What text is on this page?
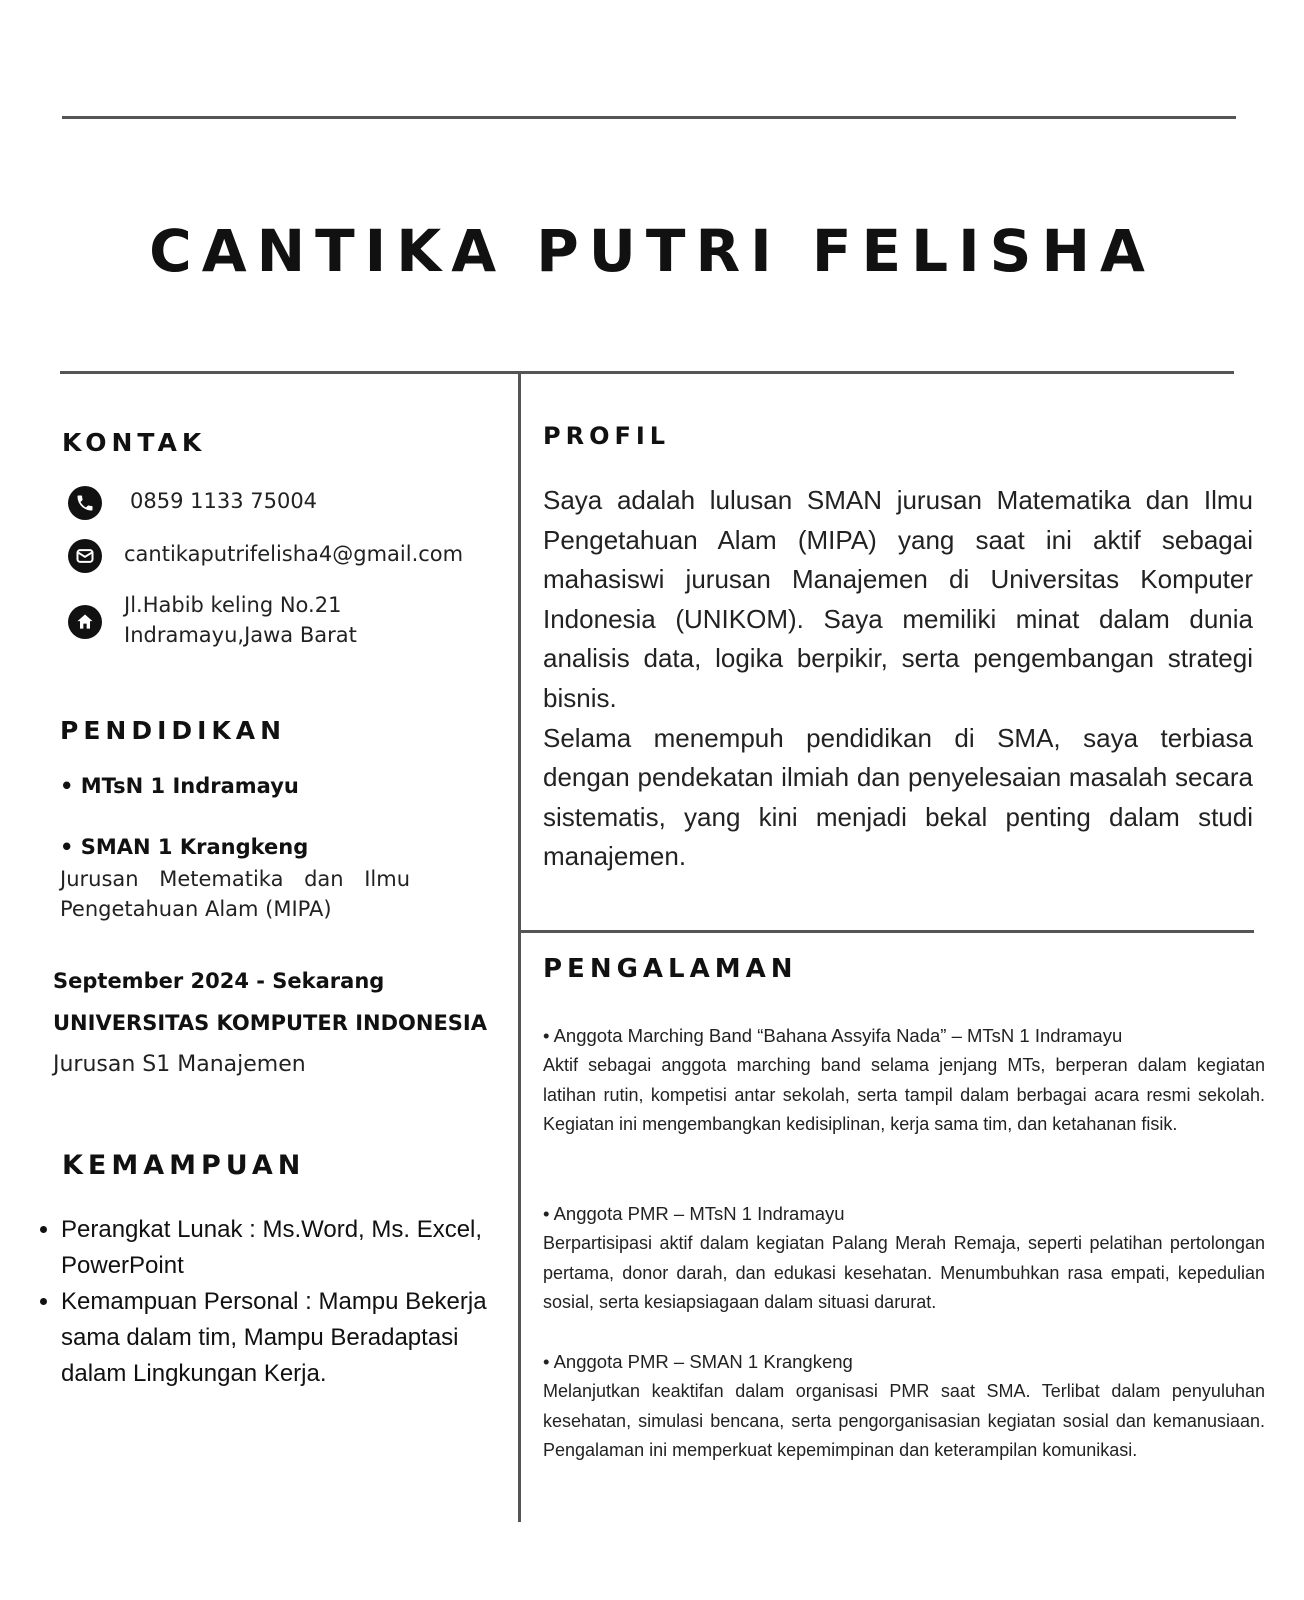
CANTIKA PUTRI FELISHA
KONTAK
0859 1133 75004
cantikaputrifelisha4@gmail.com
Jl.Habib keling No.21
Indramayu,Jawa Barat
PENDIDIKAN
• MTsN 1 Indramayu
• SMAN 1 Krangkeng
Jurusan Metematika dan Ilmu Pengetahuan Alam (MIPA)
September 2024 - Sekarang
UNIVERSITAS KOMPUTER INDONESIA
Jurusan S1 Manajemen
KEMAMPUAN
• Perangkat Lunak : Ms.Word, Ms. Excel, PowerPoint
• Kemampuan Personal : Mampu Bekerja sama dalam tim, Mampu Beradaptasi dalam Lingkungan Kerja.
PROFIL

Saya adalah lulusan SMAN jurusan Matematika dan Ilmu Pengetahuan Alam (MIPA) yang saat ini aktif sebagai mahasiswi jurusan Manajemen di Universitas Komputer Indonesia (UNIKOM). Saya memiliki minat dalam dunia analisis data, logika berpikir, serta pengembangan strategi bisnis.

Selama menempuh pendidikan di SMA, saya terbiasa dengan pendekatan ilmiah dan penyelesaian masalah secara sistematis, yang kini menjadi bekal penting dalam studi manajemen.

PENGALAMAN
• Anggota Marching Band “Bahana Assyifa Nada” – MTsN 1 Indramayu
Aktif sebagai anggota marching band selama jenjang MTs, berperan dalam kegiatan latihan rutin, kompetisi antar sekolah, serta tampil dalam berbagai acara resmi sekolah. Kegiatan ini mengembangkan kedisiplinan, kerja sama tim, dan ketahanan fisik.
• Anggota PMR – MTsN 1 Indramayu
Berpartisipasi aktif dalam kegiatan Palang Merah Remaja, seperti pelatihan pertolongan pertama, donor darah, dan edukasi kesehatan. Menumbuhkan rasa empati, kepedulian sosial, serta kesiapsiagaan dalam situasi darurat.
• Anggota PMR – SMAN 1 Krangkeng
Melanjutkan keaktifan dalam organisasi PMR saat SMA. Terlibat dalam penyuluhan kesehatan, simulasi bencana, serta pengorganisasian kegiatan sosial dan kemanusiaan. Pengalaman ini memperkuat kepemimpinan dan keterampilan komunikasi.
